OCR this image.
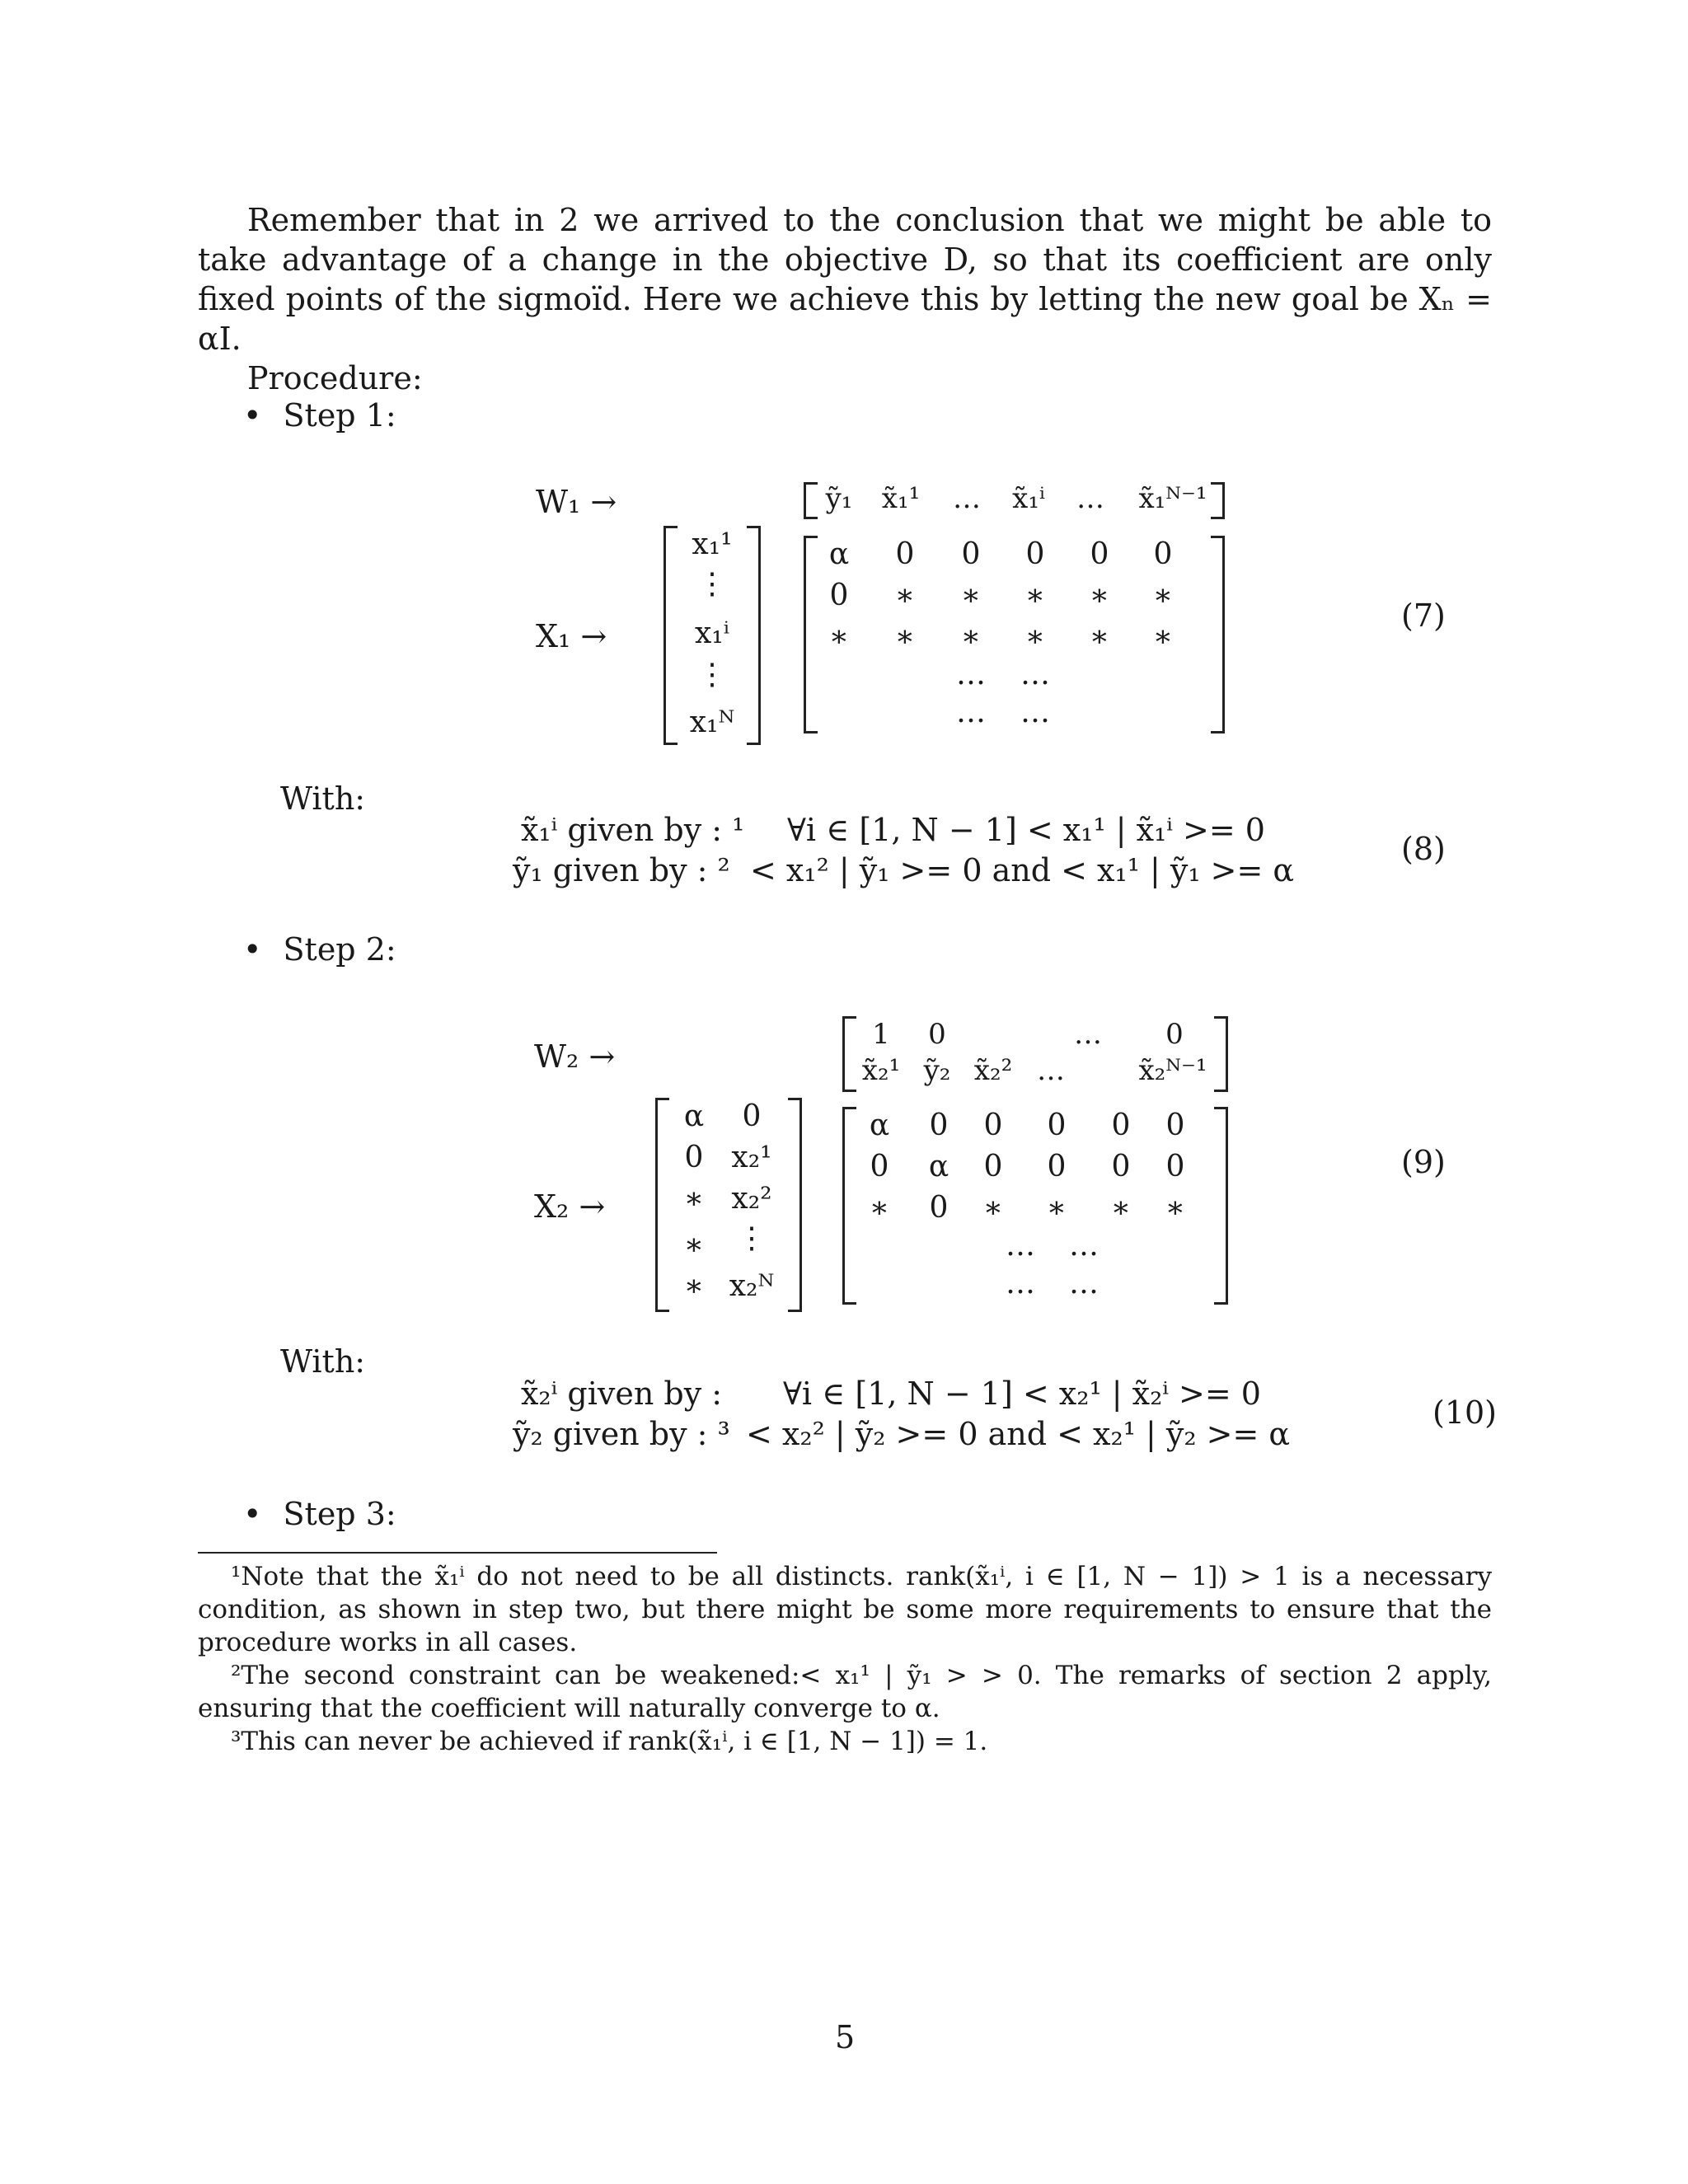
Remember that in 2 we arrived to the conclusion that we might be able to take advantage of a change in the objective D, so that its coefficient are only fixed points of the sigmoïd. Here we achieve this by letting the new goal be Xₙ = αI.

Procedure:

• Step 1:
W₁ →
X₁ →
ỹ₁	x̃₁¹	…	x̃₁ⁱ	…	x̃₁ᴺ⁻¹
x₁¹
⋮
x₁ⁱ
⋮
x₁ᴺ
α	0	0	0	0	0
0	∗	∗	∗	∗	∗
∗	∗	∗	∗	∗	∗
…	…
…	…
(7)
With:
x̃₁ⁱ given by : ¹ ∀i ∈ [1, N − 1] < x₁¹ | x̃₁ⁱ >= 0
ỹ₁ given by : ² < x₁² | ỹ₁ >= 0 and < x₁¹ | ỹ₁ >= α
(8)
• Step 2:
W₂ →
X₂ →
1	0	…	0
x̃₂¹ ỹ₂ x̃₂² …	x̃₂ᴺ⁻¹
α	0
0 x₂¹
∗ x₂²
∗	⋮
∗ x₂ᴺ
α	0	0	0	0	0
0	α	0	0	0	0
∗	0	∗	∗	∗	∗
…	…
…	…
(9)
With:
x̃₂ⁱ given by : ∀i ∈ [1, N − 1] < x₂¹ | x̃₂ⁱ >= 0
ỹ₂ given by : ³ < x₂² | ỹ₂ >= 0 and < x₂¹ | ỹ₂ >= α
(10)
• Step 3:

¹Note that the x̃₁ⁱ do not need to be all distincts. rank(x̃₁ⁱ, i ∈ [1, N − 1]) > 1 is a necessary condition, as shown in step two, but there might be some more requirements to ensure that the procedure works in all cases.

²The second constraint can be weakened:< x₁¹ | ỹ₁ > > 0. The remarks of section 2 apply, ensuring that the coefficient will naturally converge to α.

³This can never be achieved if rank(x̃₁ⁱ, i ∈ [1, N − 1]) = 1.

5
